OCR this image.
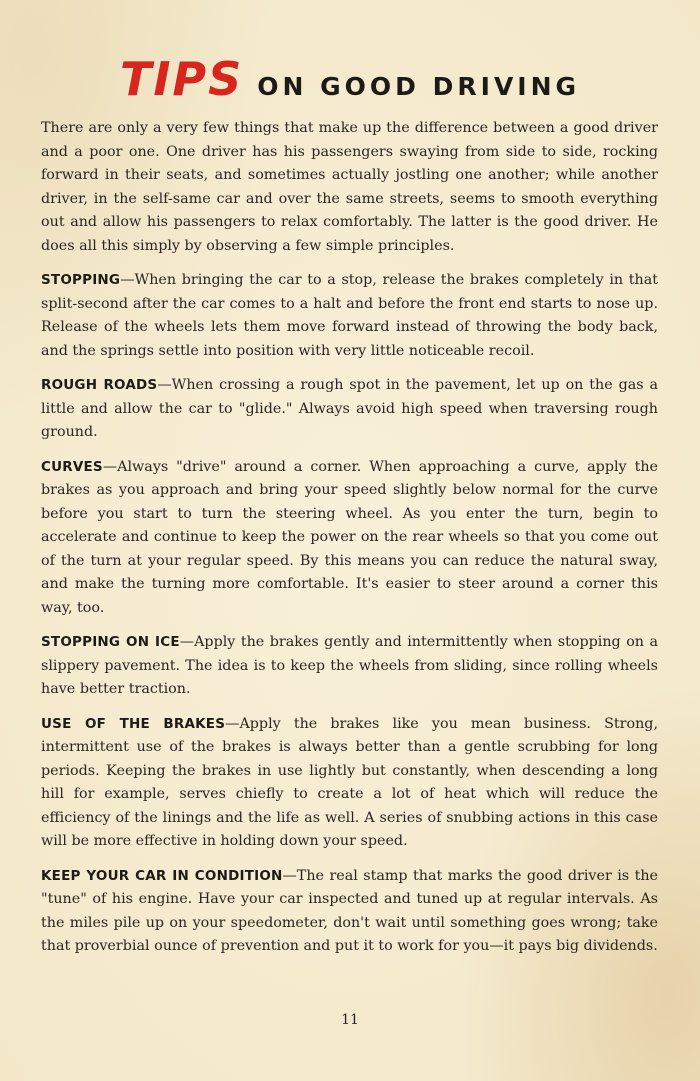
TIPS ON GOOD DRIVING

There are only a very few things that make up the difference between a good driver and a poor one. One driver has his passengers swaying from side to side, rocking forward in their seats, and sometimes actually jostling one another; while another driver, in the self-same car and over the same streets, seems to smooth everything out and allow his passengers to relax comfortably. The latter is the good driver. He does all this simply by observing a few simple principles.

STOPPING—When bringing the car to a stop, release the brakes completely in that split-second after the car comes to a halt and before the front end starts to nose up. Release of the wheels lets them move forward instead of throwing the body back, and the springs settle into position with very little noticeable recoil.

ROUGH ROADS—When crossing a rough spot in the pavement, let up on the gas a little and allow the car to "glide." Always avoid high speed when traversing rough ground.

CURVES—Always "drive" around a corner. When approaching a curve, apply the brakes as you approach and bring your speed slightly below normal for the curve before you start to turn the steering wheel. As you enter the turn, begin to accelerate and continue to keep the power on the rear wheels so that you come out of the turn at your regular speed. By this means you can reduce the natural sway, and make the turning more comfortable. It's easier to steer around a corner this way, too.

STOPPING ON ICE—Apply the brakes gently and intermittently when stopping on a slippery pavement. The idea is to keep the wheels from sliding, since rolling wheels have better traction.

USE OF THE BRAKES—Apply the brakes like you mean business. Strong, intermittent use of the brakes is always better than a gentle scrubbing for long periods. Keeping the brakes in use lightly but constantly, when descending a long hill for example, serves chiefly to create a lot of heat which will reduce the efficiency of the linings and the life as well. A series of snubbing actions in this case will be more effective in holding down your speed.

KEEP YOUR CAR IN CONDITION—The real stamp that marks the good driver is the "tune" of his engine. Have your car inspected and tuned up at regular intervals. As the miles pile up on your speedometer, don't wait until something goes wrong; take that proverbial ounce of prevention and put it to work for you—it pays big dividends.

11
